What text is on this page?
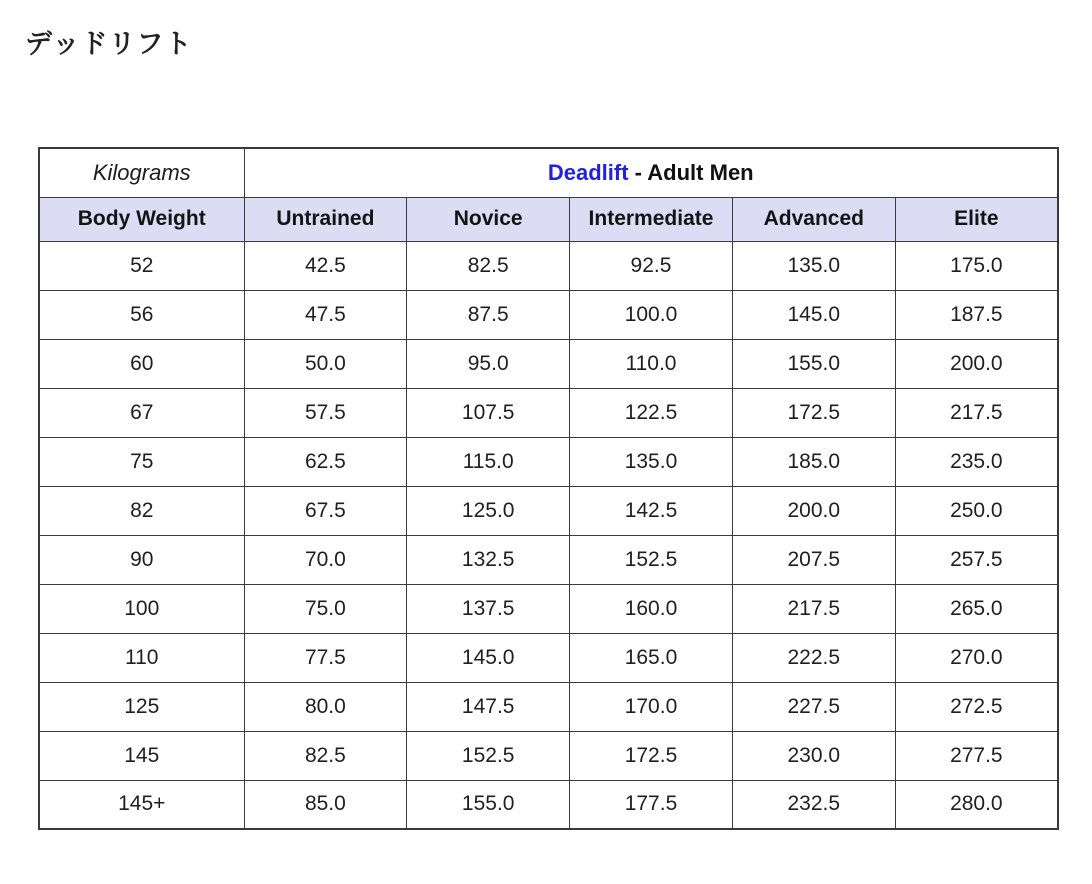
デッドリフト
Kilograms	Deadlift - Adult Men				
Body Weight	Untrained	Novice	Intermediate	Advanced	Elite
52	42.5	82.5	92.5	135.0	175.0
56	47.5	87.5	100.0	145.0	187.5
60	50.0	95.0	110.0	155.0	200.0
67	57.5	107.5	122.5	172.5	217.5
75	62.5	115.0	135.0	185.0	235.0
82	67.5	125.0	142.5	200.0	250.0
90	70.0	132.5	152.5	207.5	257.5
100	75.0	137.5	160.0	217.5	265.0
110	77.5	145.0	165.0	222.5	270.0
125	80.0	147.5	170.0	227.5	272.5
145	82.5	152.5	172.5	230.0	277.5
145+	85.0	155.0	177.5	232.5	280.0
